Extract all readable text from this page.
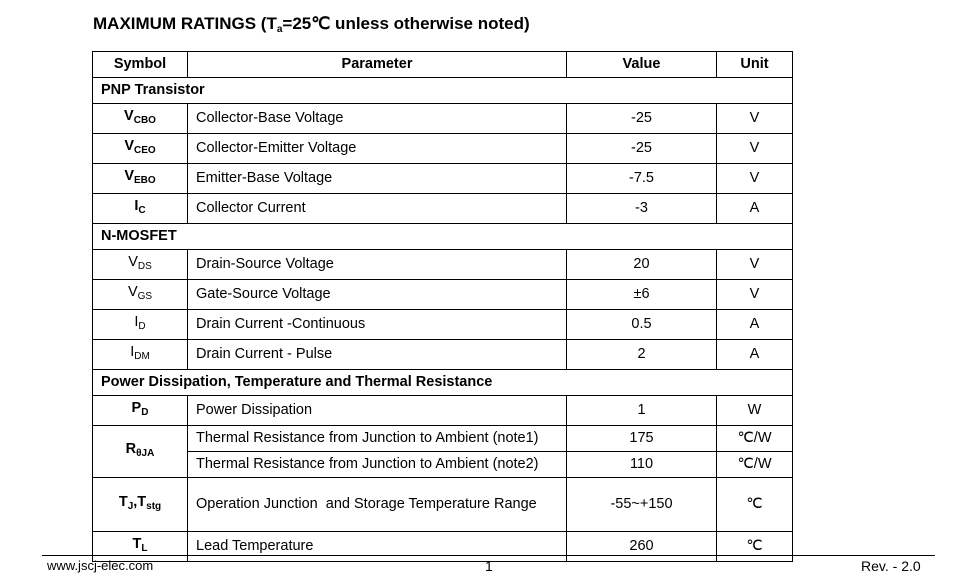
MAXIMUM RATINGS ($T_a=25℃$ unless otherwise noted)
Symbol	Parameter	Value	Unit
PNP Transistor			
$V_{CBO}$	Collector-Base Voltage	-25	V
$V_{CEO}$	Collector-Emitter Voltage	-25	V
$V_{EBO}$	Emitter-Base Voltage	-7.5	V
$I_C$	Collector Current	-3	A
N-MOSFET			
$V_{DS}$	Drain-Source Voltage	20	V
$V_{GS}$	Gate-Source Voltage	±6	V
$I_D$	Drain Current -Continuous	0.5	A
$I_{DM}$	Drain Current - Pulse	2	A
Power Dissipation, Temperature and Thermal Resistance			
$P_D$	Power Dissipation	1	W
$R_{\theta JA}$	Thermal Resistance from Junction to Ambient (note1)	175	℃/W
	Thermal Resistance from Junction to Ambient (note2)	110	℃/W
$T_J,T_{stg}$	Operation Junction  and Storage Temperature Range	-55~+150	℃
$T_L$	Lead Temperature	260	℃
www.jscj-elec.com	1	Rev. - 2.0
